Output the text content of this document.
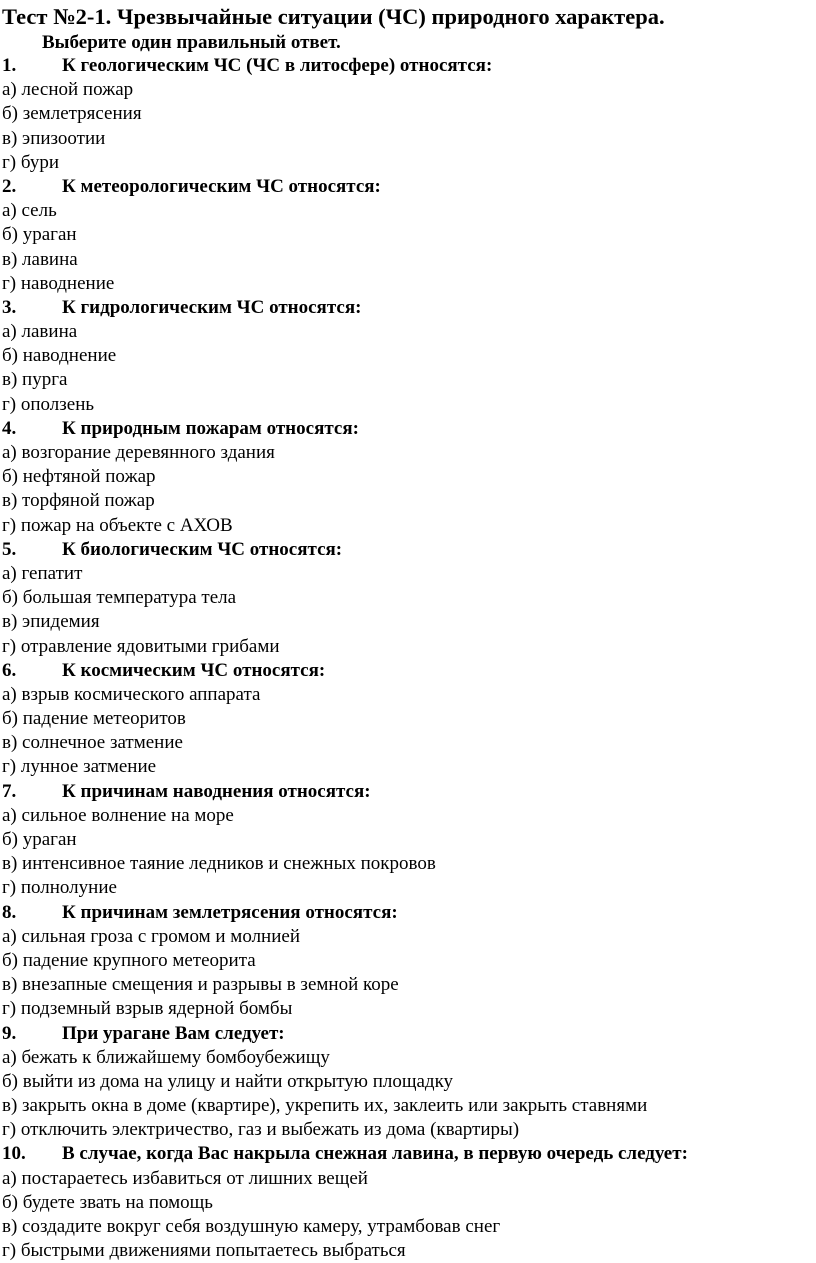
Тест №2-1. Чрезвычайные ситуации (ЧС) природного характера.
Выберите один правильный ответ.
1. К геологическим ЧС (ЧС в литосфере) относятся:
а) лесной пожар
б) землетрясения
в) эпизоотии
г) бури
2. К метеорологическим ЧС относятся:
а) сель
б) ураган
в) лавина
г) наводнение
3. К гидрологическим ЧС относятся:
а) лавина
б) наводнение
в) пурга
г) оползень
4. К природным пожарам относятся:
а) возгорание деревянного здания
б) нефтяной пожар
в) торфяной пожар
г) пожар на объекте с АХОВ
5. К биологическим ЧС относятся:
а) гепатит
б) большая температура тела
в) эпидемия
г) отравление ядовитыми грибами
6. К космическим ЧС относятся:
а) взрыв космического аппарата
б) падение метеоритов
в) солнечное затмение
г) лунное затмение
7. К причинам наводнения относятся:
а) сильное волнение на море
б) ураган
в) интенсивное таяние ледников и снежных покровов
г) полнолуние
8. К причинам землетрясения относятся:
а) сильная гроза с громом и молнией
б) падение крупного метеорита
в) внезапные смещения и разрывы в земной коре
г) подземный взрыв ядерной бомбы
9. При урагане Вам следует:
а) бежать к ближайшему бомбоубежищу
б) выйти из дома на улицу и найти открытую площадку
в) закрыть окна в доме (квартире), укрепить их, заклеить или закрыть ставнями
г) отключить электричество, газ и выбежать из дома (квартиры)
10. В случае, когда Вас накрыла снежная лавина, в первую очередь следует:
а) постараетесь избавиться от лишних вещей
б) будете звать на помощь
в) создадите вокруг себя воздушную камеру, утрамбовав снег
г) быстрыми движениями попытаетесь выбраться
